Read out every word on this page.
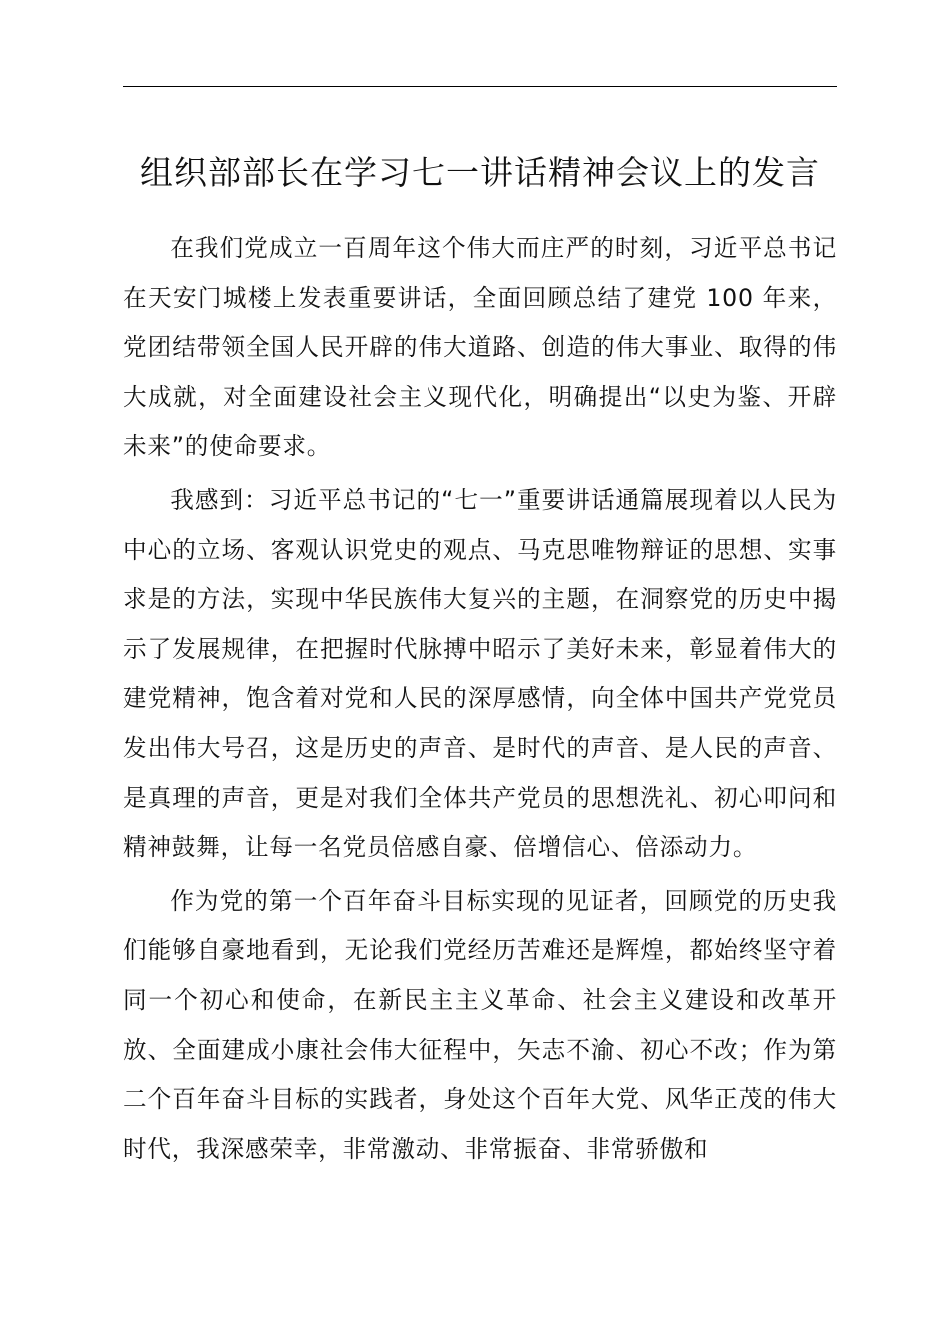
组织部部长在学习七一讲话精神会议上的发言

在我们党成立一百周年这个伟大而庄严的时刻，习近平总书记在天安门城楼上发表重要讲话，全面回顾总结了建党 100 年来，党团结带领全国人民开辟的伟大道路、创造的伟大事业、取得的伟大成就，对全面建设社会主义现代化，明确提出“以史为鉴、开辟未来”的使命要求。

我感到：习近平总书记的“七一”重要讲话通篇展现着以人民为中心的立场、客观认识党史的观点、马克思唯物辩证的思想、实事求是的方法，实现中华民族伟大复兴的主题，在洞察党的历史中揭示了发展规律，在把握时代脉搏中昭示了美好未来，彰显着伟大的建党精神，饱含着对党和人民的深厚感情，向全体中国共产党党员发出伟大号召，这是历史的声音、是时代的声音、是人民的声音、是真理的声音，更是对我们全体共产党员的思想洗礼、初心叩问和精神鼓舞，让每一名党员倍感自豪、倍增信心、倍添动力。

作为党的第一个百年奋斗目标实现的见证者，回顾党的历史我们能够自豪地看到，无论我们党经历苦难还是辉煌，都始终坚守着同一个初心和使命，在新民主主义革命、社会主义建设和改革开放、全面建成小康社会伟大征程中，矢志不渝、初心不改；作为第二个百年奋斗目标的实践者，身处这个百年大党、风华正茂的伟大时代，我深感荣幸，非常激动、非常振奋、非常骄傲和
